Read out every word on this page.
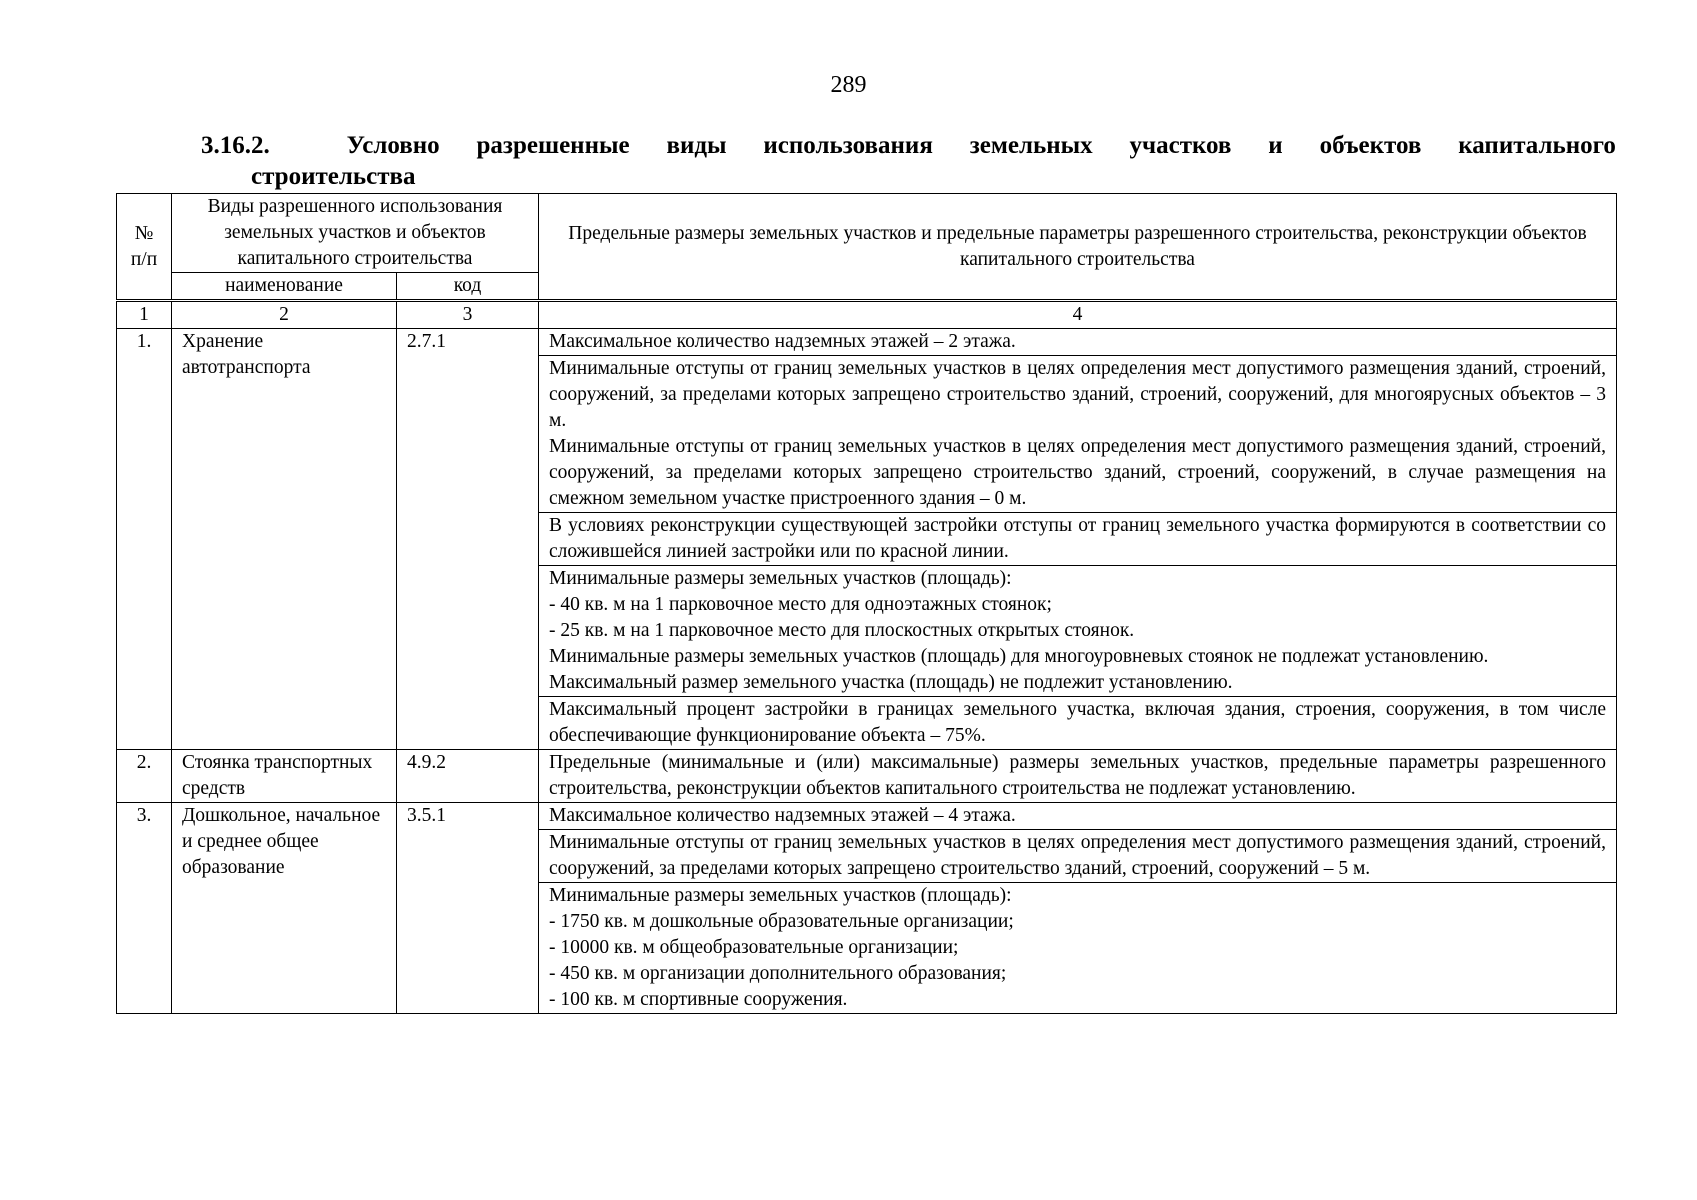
289
3.16.2.	Условно разрешенные виды использования земельных участков и объектов капитального
строительства
№ п/п	Виды разрешенного использования земельных участков и объектов капитального строительства		Предельные размеры земельных участков и предельные параметры разрешенного строительства, реконструкции объектов капитального строительства
	наименование	код	
1	2	3	4
1.	Хранение автотранспорта	2.7.1	Максимальное количество надземных этажей – 2 этажа.

			Минимальные отступы от границ земельных участков в целях определения мест допустимого размещения зданий, строений, сооружений, за пределами которых запрещено строительство зданий, строений, сооружений, для многоярусных объектов – 3 м.
Минимальные отступы от границ земельных участков в целях определения мест допустимого размещения зданий, строений, сооружений, за пределами которых запрещено строительство зданий, строений, сооружений, в случае размещения на смежном земельном участке пристроенного здания – 0 м.

			В условиях реконструкции существующей застройки отступы от границ земельного участка формируются в соответствии со сложившейся линией застройки или по красной линии.

			Минимальные размеры земельных участков (площадь):
- 40 кв. м на 1 парковочное место для одноэтажных стоянок;
- 25 кв. м на 1 парковочное место для плоскостных открытых стоянок.
Минимальные размеры земельных участков (площадь) для многоуровневых стоянок не подлежат установлению.
Максимальный размер земельного участка (площадь) не подлежит установлению.

			Максимальный процент застройки в границах земельного участка, включая здания, строения, сооружения, в том числе обеспечивающие функционирование объекта – 75%.

2.	Стоянка транспортных средств	4.9.2	Предельные (минимальные и (или) максимальные) размеры земельных участков, предельные параметры разрешенного строительства, реконструкции объектов капитального строительства не подлежат установлению.

3.	Дошкольное, начальное и среднее общее образование	3.5.1	Максимальное количество надземных этажей – 4 этажа.

			Минимальные отступы от границ земельных участков в целях определения мест допустимого размещения зданий, строений, сооружений, за пределами которых запрещено строительство зданий, строений, сооружений – 5 м.

			Минимальные размеры земельных участков (площадь):
- 1750 кв. м дошкольные образовательные организации;
- 10000 кв. м общеобразовательные организации;
- 450 кв. м организации дополнительного образования;
- 100 кв. м спортивные сооружения.
